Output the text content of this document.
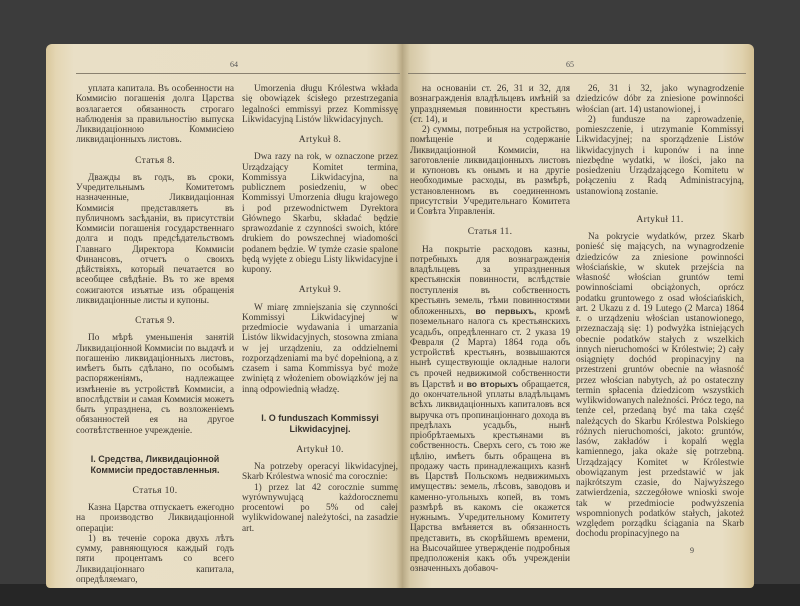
64	65

уплата капитала. Въ особенности на Коммисію погашенія долга Царства возлагается обязанность строгаго наблюденія за правильностію выпуска Ликвидаціонною Коммисіею ликвидаціонныхъ листовъ.

Статья 8.

Дважды въ годъ, въ сроки, Учредительнымъ Комитетомъ назначенные, Ликвидаціонная Коммисія представляетъ въ публичномъ засѣданіи, въ присутствіи Коммисіи погашенія государственнаго долга и подъ предсѣдательствомъ Главнаго Директора Коммисіи Финансовъ, отчетъ о своихъ дѣйствіяхъ, который печатается во всеобщее свѣдѣніе. Въ то же время сожигаются изъятые изъ обращенія ликвидаціонные листы и купоны.

Статья 9.

По мѣрѣ уменьшенія занятій Ликвидаціонной Коммисіи по выдачѣ и погашенію ликвидаціонныхъ листовъ, имѣетъ быть сдѣлано, по особымъ распоряженіямъ, надлежащее измѣненіе въ устройствѣ Коммисіи, а впослѣдствіи и самая Коммисія можетъ быть упразднена, съ возложеніемъ обязанностей ея на другое соотвѣтственное учрежденіе.

I. Средства, Ликвидаціонной Коммисіи предоставленныя.
Статья 10.

Казна Царства отпускаетъ ежегодно на производство Ликвидаціонной операціи:

1) въ теченіе сорока двухъ лѣтъ сумму, равняющуюся каждый годъ пяти процентамъ со всего Ликвидаціоннаго капитала, опредѣляемаго,

Umorzenia długu Królestwa wkłada się obowiązek ścisłego przestrzegania legalności emmissyi przez Kommissyę Likwidacyjną Listów likwidacyjnych.

Artykuł 8.

Dwa razy na rok, w oznaczone przez Urządzający Komitet termina, Kommissya Likwidacyjna, na publicznem posiedzeniu, w obec Kommissyi Umorzenia długu krajowego i pod przewodnictwem Dyrektora Głównego Skarbu, składać będzie sprawozdanie z czynności swoich, które drukiem do powszechnej wiadomości podanem będzie. W tymże czasie spalone będą wyjęte z obiegu Listy likwidacyjne i kupony.

Artykuł 9.

W miarę zmniejszania się czynności Kommissyi Likwidacyjnej w przedmiocie wydawania i umarzania Listów likwidacyjnych, stosowna zmiana w jej urządzeniu, za oddzielnemi rozporządzeniami ma być dopełnioną, a z czasem i sama Kommissya być może zwiniętą z włożeniem obowiązków jej na inną odpowiednią władzę.

I. O funduszach Kommissyi Likwidacyjnej.
Artykuł 10.

Na potrzeby operacyi likwidacyjnej, Skarb Królestwa wnosić ma corocznie:

1) przez lat 42 corocznie summę wyrównywującą każdorocznemu procentowi po 5% od całej wylikwidowanej należytości, na zasadzie art.

на основаніи ст. 26, 31 и 32, для вознагражденія владѣльцевъ имѣній за упраздняемыя повинности крестьянъ (ст. 14), и

2) суммы, потребныя на устройство, помѣщеніе и содержаніе Ликвидаціонной Коммисіи, на заготовленіе ликвидаціонныхъ листовъ и купоновъ къ онымъ и на другіе необходимые расходы, въ размѣрѣ, установленномъ въ соединенномъ присутствіи Учредительнаго Комитета и Совѣта Управленія.

Статья 11.

На покрытіе расходовъ казны, потребныхъ для вознагражденія владѣльцевъ за упраздненныя крестьянскія повинности, вслѣдствіе поступленія въ собственность крестьянъ земель, тѣми повинностями обложенныхъ, во первыхъ, кромѣ поземельнаго налога съ крестьянскихъ усадьбъ, опредѣленнаго ст. 2 указа 19 Февраля (2 Марта) 1864 года объ устройствѣ крестьянъ, возвышаются нынѣ существующіе окладные налоги съ прочей недвижимой собственности въ Царствѣ и во вторыхъ обращается, до окончательной уплаты владѣльцамъ всѣхъ ликвидаціонныхъ капиталовъ вся выручка отъ пропинаціоннаго дохода въ предѣлахъ усадьбъ, нынѣ пріобрѣтаемыхъ крестьянами въ собственность. Сверхъ сего, съ тою же цѣлію, имѣетъ быть обращена въ продажу часть принадлежащихъ казнѣ въ Царствѣ Польскомъ недвижимыхъ имуществъ: земель, лѣсовъ, заводовъ и каменно-угольныхъ копей, въ томъ размѣрѣ въ какомъ сіе окажется нужнымъ. Учредительному Комитету Царства вмѣняется въ обязанность представить, въ скорѣйшемъ времени, на Высочайшее утвержденіе подробныя предположенія какъ объ учрежденіи означенныхъ добавоч-

26, 31 i 32, jako wynagrodzenie dziedziców dóbr za zniesione powinności włościan (art. 14) ustanowionej, i

2) fundusze na zaprowadzenie, pomieszczenie, i utrzymanie Kommissyi Likwidacyjnej; na sporządzenie Listów likwidacyjnych i kuponów i na inne niezbędne wydatki, w ilości, jako na posiedzeniu Urządzającego Komitetu w połączeniu z Radą Administracyjną, ustanowioną zostanie.

Artykuł 11.

Na pokrycie wydatków, przez Skarb ponieść się mających, na wynagrodzenie dziedziców za zniesione powinności włościańskie, w skutek przejścia na własność włościan gruntów temi powinnościami obciążonych, oprócz podatku gruntowego z osad włościańskich, art. 2 Ukazu z d. 19 Lutego (2 Marca) 1864 r. o urządzeniu włościan ustanowionego, przeznaczają się: 1) podwyżka istniejących obecnie podatków stałych z wszelkich innych nieruchomości w Królestwie; 2) cały osiągnięty dochód propinacyjny na przestrzeni gruntów obecnie na własność przez włościan nabytych, aż po ostateczny termin spłacenia dziedzicom wszystkich wylikwidowanych należności. Prócz tego, na tenże cel, przedaną być ma taka część należących do Skarbu Królestwa Polskiego różnych nieruchomości, jakoto: gruntów, lasów, zakładów i kopalń węgla kamiennego, jaka okaże się potrzebną. Urządzający Komitet w Królestwie obowiązanym jest przedstawić w jak najkrótszym czasie, do Najwyższego zatwierdzenia, szczegółowe wnioski swoje tak w przedmiocie podwyższenia wspomnionych podatków stałych, jakoteż względem porządku ściągania na Skarb dochodu propinacyjnego na

9
